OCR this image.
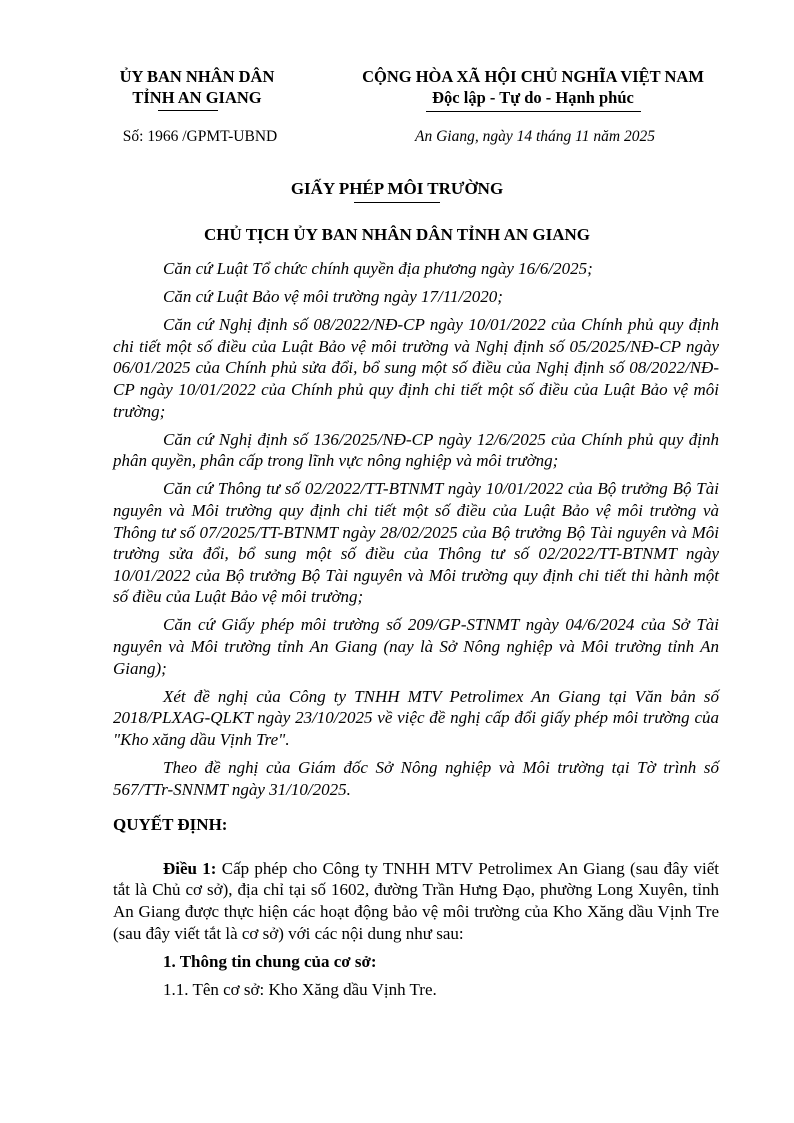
ỦY BAN NHÂN DÂN
TỈNH AN GIANG
CỘNG HÒA XÃ HỘI CHỦ NGHĨA VIỆT NAM
Độc lập - Tự do - Hạnh phúc
Số: 1966 /GPMT-UBND	An Giang, ngày 14 tháng 11 năm 2025
GIẤY PHÉP MÔI TRƯỜNG
CHỦ TỊCH ỦY BAN NHÂN DÂN TỈNH AN GIANG

Căn cứ Luật Tổ chức chính quyền địa phương ngày 16/6/2025;

Căn cứ Luật Bảo vệ môi trường ngày 17/11/2020;

Căn cứ Nghị định số 08/2022/NĐ-CP ngày 10/01/2022 của Chính phủ quy định chi tiết một số điều của Luật Bảo vệ môi trường và Nghị định số 05/2025/NĐ-CP ngày 06/01/2025 của Chính phủ sửa đổi, bổ sung một số điều của Nghị định số 08/2022/NĐ-CP ngày 10/01/2022 của Chính phủ quy định chi tiết một số điều của Luật Bảo vệ môi trường;

Căn cứ Nghị định số 136/2025/NĐ-CP ngày 12/6/2025 của Chính phủ quy định phân quyền, phân cấp trong lĩnh vực nông nghiệp và môi trường;

Căn cứ Thông tư số 02/2022/TT-BTNMT ngày 10/01/2022 của Bộ trưởng Bộ Tài nguyên và Môi trường quy định chi tiết một số điều của Luật Bảo vệ môi trường và Thông tư số 07/2025/TT-BTNMT ngày 28/02/2025 của Bộ trưởng Bộ Tài nguyên và Môi trường sửa đổi, bổ sung một số điều của Thông tư số 02/2022/TT-BTNMT ngày 10/01/2022 của Bộ trưởng Bộ Tài nguyên và Môi trường quy định chi tiết thi hành một số điều của Luật Bảo vệ môi trường;

Căn cứ Giấy phép môi trường số 209/GP-STNMT ngày 04/6/2024 của Sở Tài nguyên và Môi trường tỉnh An Giang (nay là Sở Nông nghiệp và Môi trường tỉnh An Giang);

Xét đề nghị của Công ty TNHH MTV Petrolimex An Giang tại Văn bản số 2018/PLXAG-QLKT ngày 23/10/2025 về việc đề nghị cấp đổi giấy phép môi trường của "Kho xăng dầu Vịnh Tre".

Theo đề nghị của Giám đốc Sở Nông nghiệp và Môi trường tại Tờ trình số 567/TTr-SNNMT ngày 31/10/2025.

QUYẾT ĐỊNH:

Điều 1: Cấp phép cho Công ty TNHH MTV Petrolimex An Giang (sau đây viết tắt là Chủ cơ sở), địa chỉ tại số 1602, đường Trần Hưng Đạo, phường Long Xuyên, tỉnh An Giang được thực hiện các hoạt động bảo vệ môi trường của Kho Xăng dầu Vịnh Tre (sau đây viết tắt là cơ sở) với các nội dung như sau:

1. Thông tin chung của cơ sở:

1.1. Tên cơ sở: Kho Xăng dầu Vịnh Tre.
